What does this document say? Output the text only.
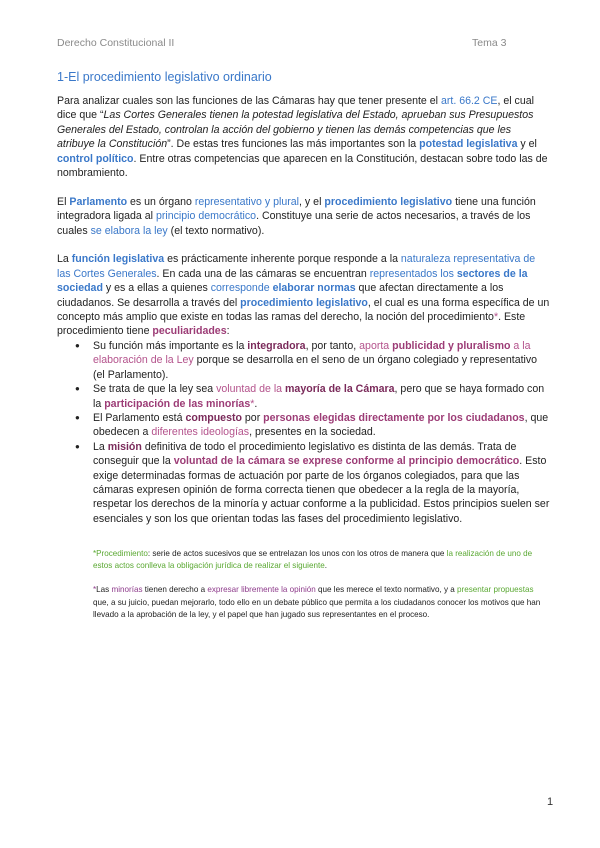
Derecho Constitucional II	Tema 3
1-El procedimiento legislativo ordinario

Para analizar cuales son las funciones de las Cámaras hay que tener presente el art. 66.2 CE, el cual dice que “Las Cortes Generales tienen la potestad legislativa del Estado, aprueban sus Presupuestos Generales del Estado, controlan la acción del gobierno y tienen las demás competencias que les atribuye la Constitución”. De estas tres funciones las más importantes son la potestad legislativa y el control político. Entre otras competencias que aparecen en la Constitución, destacan sobre todo las de nombramiento.

El Parlamento es un órgano representativo y plural, y el procedimiento legislativo tiene una función integradora ligada al principio democrático. Constituye una serie de actos necesarios, a través de los cuales se elabora la ley (el texto normativo).

La función legislativa es prácticamente inherente porque responde a la naturaleza representativa de las Cortes Generales. En cada una de las cámaras se encuentran representados los sectores de la sociedad y es a ellas a quienes corresponde elaborar normas que afectan directamente a los ciudadanos. Se desarrolla a través del procedimiento legislativo, el cual es una forma específica de un concepto más amplio que existe en todas las ramas del derecho, la noción del procedimiento*. Este procedimiento tiene peculiaridades:

● Su función más importante es la integradora, por tanto, aporta publicidad y pluralismo a la elaboración de la Ley porque se desarrolla en el seno de un órgano colegiado y representativo (el Parlamento).
● Se trata de que la ley sea voluntad de la mayoría de la Cámara, pero que se haya formado con la participación de las minorías*.
● El Parlamento está compuesto por personas elegidas directamente por los ciudadanos, que obedecen a diferentes ideologías, presentes en la sociedad.
● La misión definitiva de todo el procedimiento legislativo es distinta de las demás. Trata de conseguir que la voluntad de la cámara se exprese conforme al principio democrático. Esto exige determinadas formas de actuación por parte de los órganos colegiados, para que las cámaras expresen opinión de forma correcta tienen que obedecer a la regla de la mayoría, respetar los derechos de la minoría y actuar conforme a la publicidad. Estos principios suelen ser esenciales y son los que orientan todas las fases del procedimiento legislativo.

*Procedimiento: serie de actos sucesivos que se entrelazan los unos con los otros de manera que la realización de uno de estos actos conlleva la obligación jurídica de realizar el siguiente.

*Las minorías tienen derecho a expresar libremente la opinión que les merece el texto normativo, y a presentar propuestas que, a su juicio, puedan mejorarlo, todo ello en un debate público que permita a los ciudadanos conocer los motivos que han llevado a la aprobación de la ley, y el papel que han jugado sus representantes en el proceso.

1
